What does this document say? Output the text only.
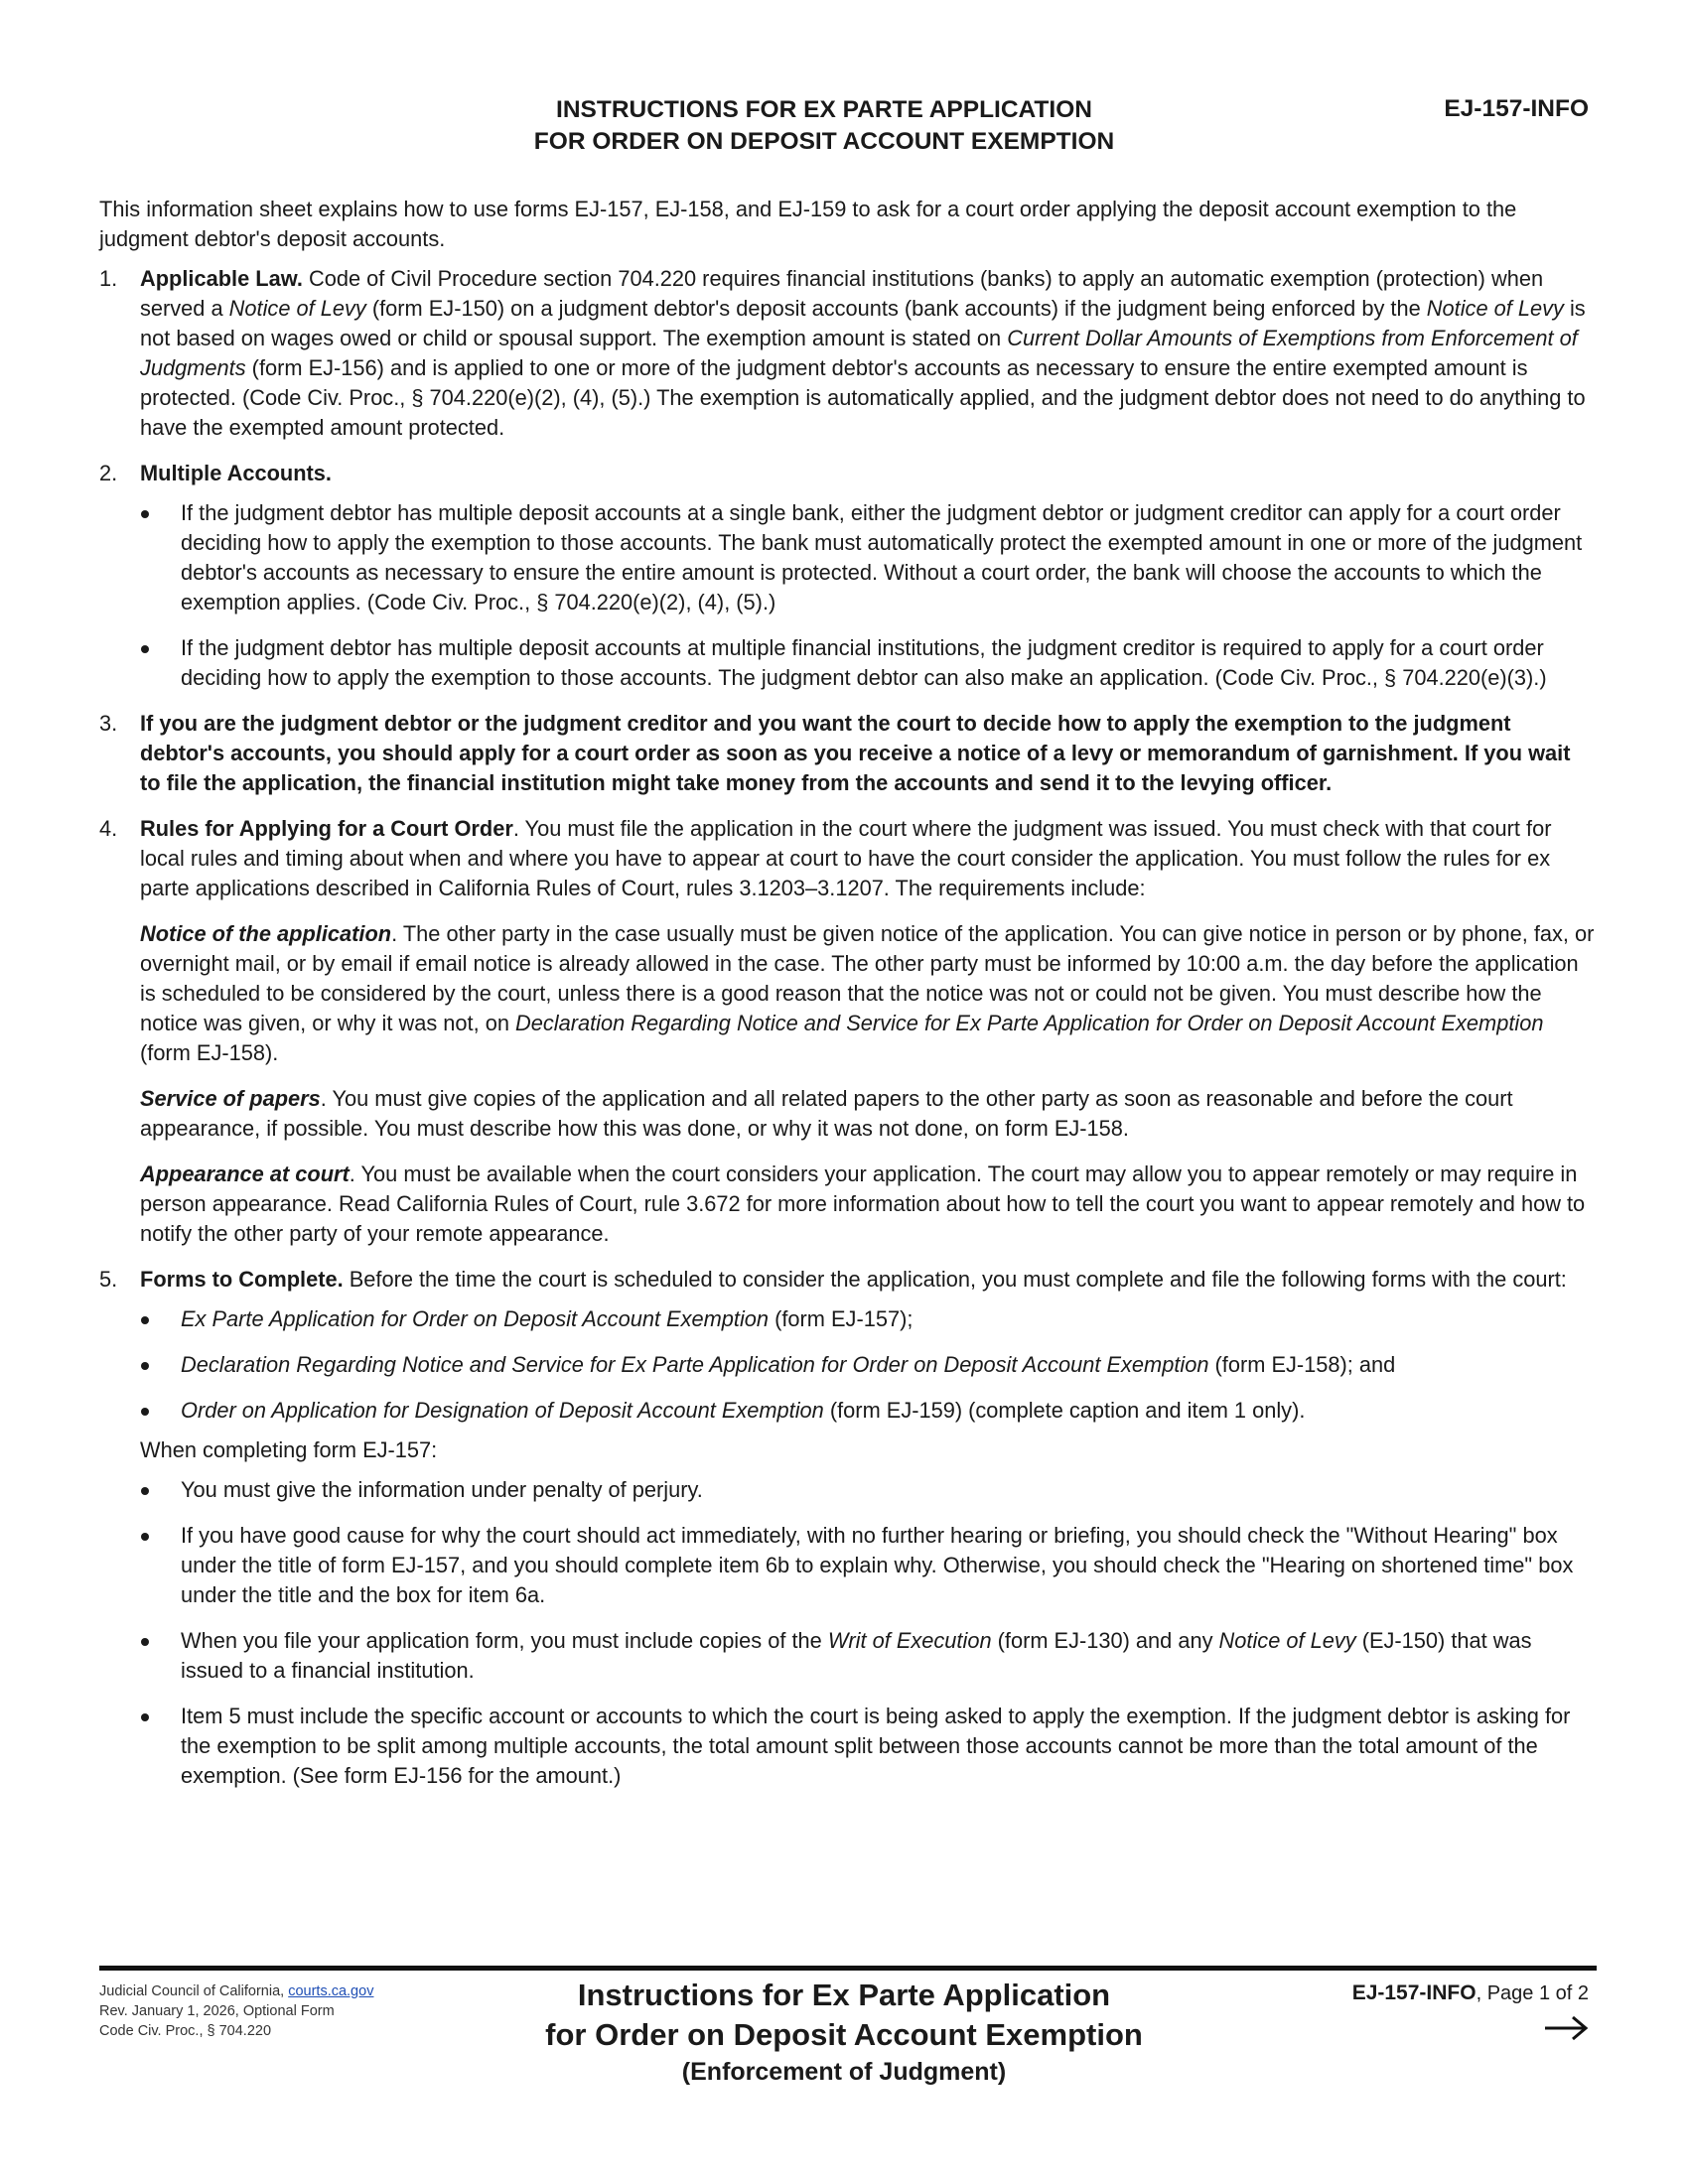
INSTRUCTIONS FOR EX PARTE APPLICATION
FOR ORDER ON DEPOSIT ACCOUNT EXEMPTION
EJ-157-INFO

This information sheet explains how to use forms EJ-157, EJ-158, and EJ-159 to ask for a court order applying the deposit account exemption to the judgment debtor's deposit accounts.

1. Applicable Law. Code of Civil Procedure section 704.220 requires financial institutions (banks) to apply an automatic exemption (protection) when served a Notice of Levy (form EJ-150) on a judgment debtor's deposit accounts (bank accounts) if the judgment being enforced by the Notice of Levy is not based on wages owed or child or spousal support. The exemption amount is stated on Current Dollar Amounts of Exemptions from Enforcement of Judgments (form EJ-156) and is applied to one or more of the judgment debtor's accounts as necessary to ensure the entire exempted amount is protected. (Code Civ. Proc., § 704.220(e)(2), (4), (5).) The exemption is automatically applied, and the judgment debtor does not need to do anything to have the exempted amount protected.

2. Multiple Accounts.

If the judgment debtor has multiple deposit accounts at a single bank, either the judgment debtor or judgment creditor can apply for a court order deciding how to apply the exemption to those accounts. The bank must automatically protect the exempted amount in one or more of the judgment debtor's accounts as necessary to ensure the entire amount is protected. Without a court order, the bank will choose the accounts to which the exemption applies. (Code Civ. Proc., § 704.220(e)(2), (4), (5).)
If the judgment debtor has multiple deposit accounts at multiple financial institutions, the judgment creditor is required to apply for a court order deciding how to apply the exemption to those accounts. The judgment debtor can also make an application. (Code Civ. Proc., § 704.220(e)(3).)
3. If you are the judgment debtor or the judgment creditor and you want the court to decide how to apply the exemption to the judgment debtor's accounts, you should apply for a court order as soon as you receive a notice of a levy or memorandum of garnishment. If you wait to file the application, the financial institution might take money from the accounts and send it to the levying officer.

4. Rules for Applying for a Court Order. You must file the application in the court where the judgment was issued. You must check with that court for local rules and timing about when and where you have to appear at court to have the court consider the application. You must follow the rules for ex parte applications described in California Rules of Court, rules 3.1203–3.1207. The requirements include:

Notice of the application. The other party in the case usually must be given notice of the application. You can give notice in person or by phone, fax, or overnight mail, or by email if email notice is already allowed in the case. The other party must be informed by 10:00 a.m. the day before the application is scheduled to be considered by the court, unless there is a good reason that the notice was not or could not be given. You must describe how the notice was given, or why it was not, on Declaration Regarding Notice and Service for Ex Parte Application for Order on Deposit Account Exemption (form EJ-158).

Service of papers. You must give copies of the application and all related papers to the other party as soon as reasonable and before the court appearance, if possible. You must describe how this was done, or why it was not done, on form EJ-158.

Appearance at court. You must be available when the court considers your application. The court may allow you to appear remotely or may require in person appearance. Read California Rules of Court, rule 3.672 for more information about how to tell the court you want to appear remotely and how to notify the other party of your remote appearance.

5. Forms to Complete. Before the time the court is scheduled to consider the application, you must complete and file the following forms with the court:

Ex Parte Application for Order on Deposit Account Exemption (form EJ-157);
Declaration Regarding Notice and Service for Ex Parte Application for Order on Deposit Account Exemption (form EJ-158); and
Order on Application for Designation of Deposit Account Exemption (form EJ-159) (complete caption and item 1 only).

When completing form EJ-157:

You must give the information under penalty of perjury.
If you have good cause for why the court should act immediately, with no further hearing or briefing, you should check the "Without Hearing" box under the title of form EJ-157, and you should complete item 6b to explain why. Otherwise, you should check the "Hearing on shortened time" box under the title and the box for item 6a.
When you file your application form, you must include copies of the Writ of Execution (form EJ-130) and any Notice of Levy (EJ-150) that was issued to a financial institution.
Item 5 must include the specific account or accounts to which the court is being asked to apply the exemption. If the judgment debtor is asking for the exemption to be split among multiple accounts, the total amount split between those accounts cannot be more than the total amount of the exemption. (See form EJ-156 for the amount.)
Judicial Council of California, courts.ca.gov
Rev. January 1, 2026, Optional Form
Code Civ. Proc., § 704.220
Instructions for Ex Parte Application
for Order on Deposit Account Exemption
(Enforcement of Judgment)
EJ-157-INFO, Page 1 of 2
